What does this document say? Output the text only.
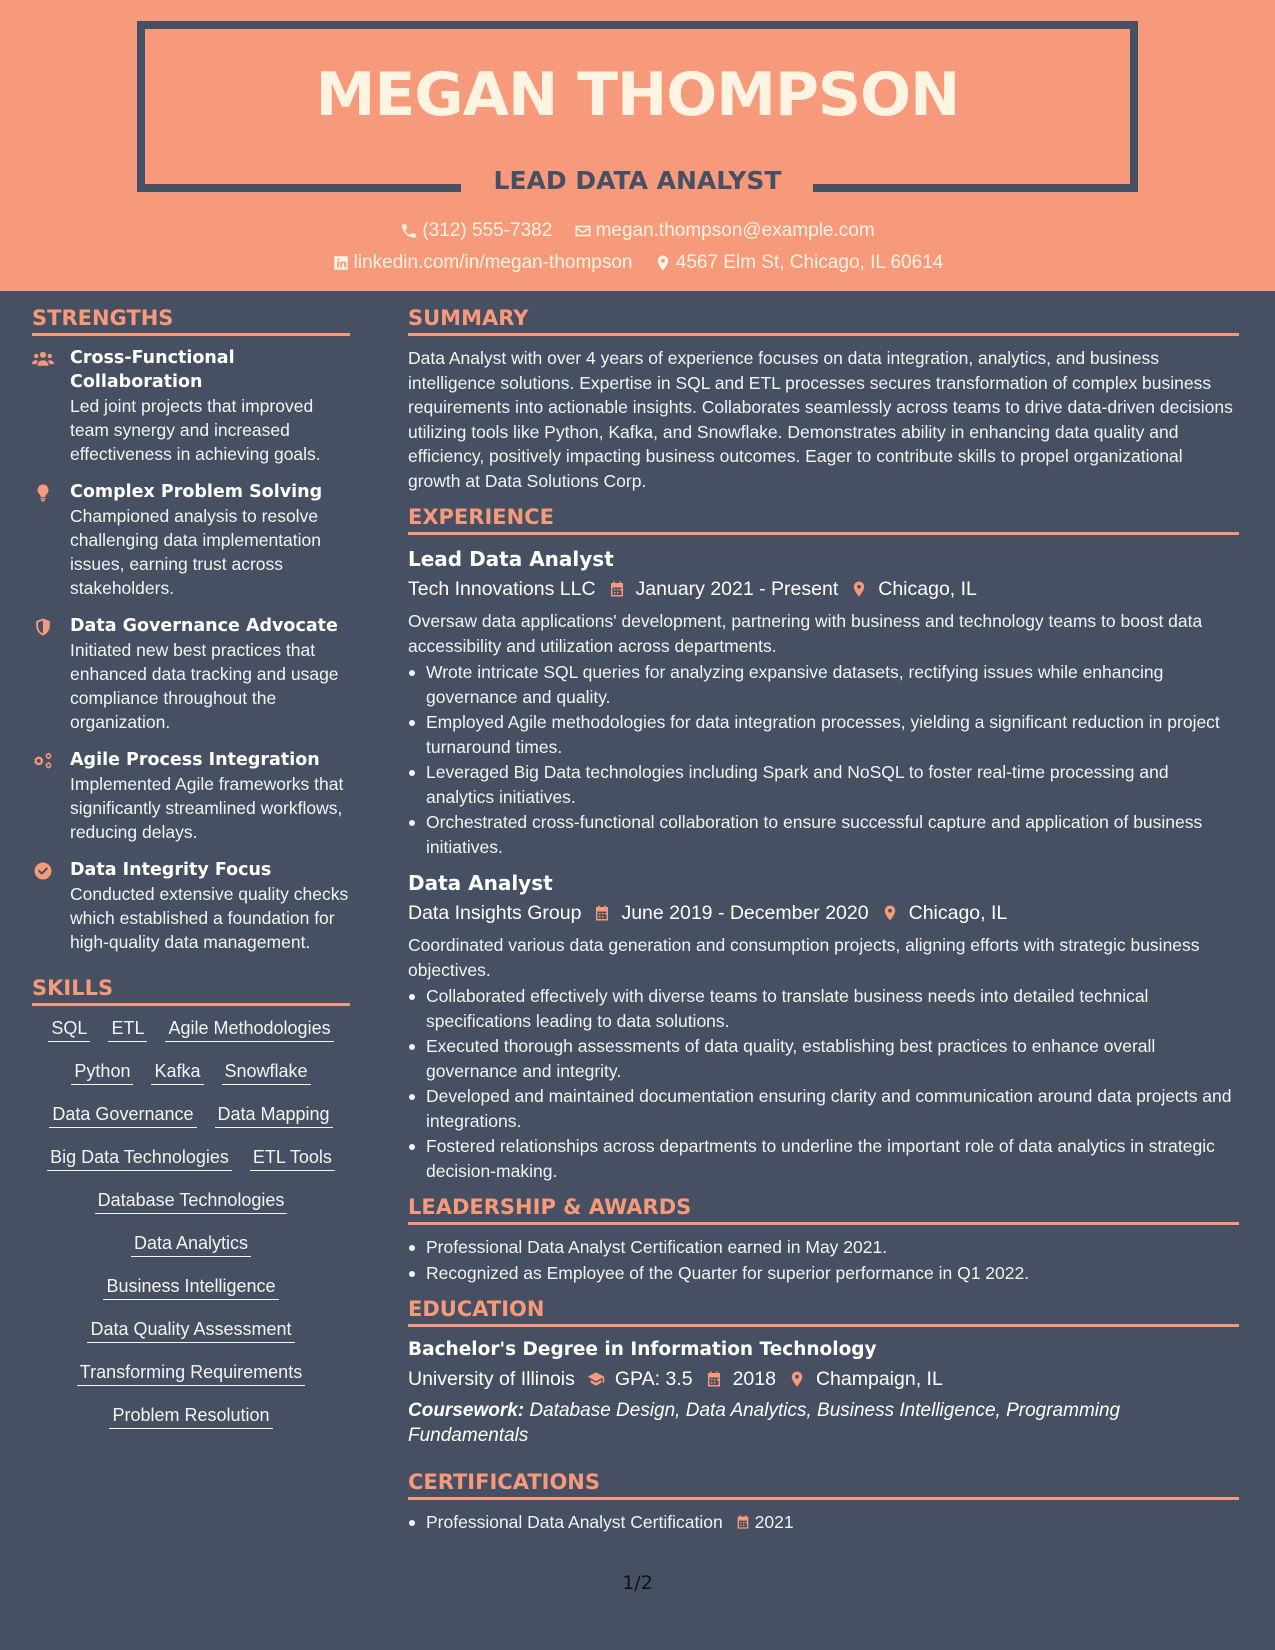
MEGAN THOMPSON
LEAD DATA ANALYST
(312) 555-7382
megan.thompson@example.com
linkedin.com/in/megan-thompson
4567 Elm St, Chicago, IL 60614
STRENGTHS
Cross-Functional Collaboration
Led joint projects that improved team synergy and increased effectiveness in achieving goals.
Complex Problem Solving
Championed analysis to resolve challenging data implementation issues, earning trust across stakeholders.
Data Governance Advocate
Initiated new best practices that enhanced data tracking and usage compliance throughout the organization.
Agile Process Integration
Implemented Agile frameworks that significantly streamlined workflows, reducing delays.
Data Integrity Focus
Conducted extensive quality checks which established a foundation for high-quality data management.
SKILLS
SQL ETL Agile Methodologies
Python Kafka Snowflake
Data Governance Data Mapping
Big Data Technologies ETL Tools
Database Technologies
Data Analytics
Business Intelligence
Data Quality Assessment
Transforming Requirements
Problem Resolution
SUMMARY
Data Analyst with over 4 years of experience focuses on data integration, analytics, and business intelligence solutions. Expertise in SQL and ETL processes secures transformation of complex business requirements into actionable insights. Collaborates seamlessly across teams to drive data-driven decisions utilizing tools like Python, Kafka, and Snowflake. Demonstrates ability in enhancing data quality and efficiency, positively impacting business outcomes. Eager to contribute skills to propel organizational growth at Data Solutions Corp.
EXPERIENCE
Lead Data Analyst
Tech Innovations LLC January 2021 - Present Chicago, IL
Oversaw data applications' development, partnering with business and technology teams to boost data accessibility and utilization across departments.
Wrote intricate SQL queries for analyzing expansive datasets, rectifying issues while enhancing governance and quality.
Employed Agile methodologies for data integration processes, yielding a significant reduction in project turnaround times.
Leveraged Big Data technologies including Spark and NoSQL to foster real-time processing and analytics initiatives.
Orchestrated cross-functional collaboration to ensure successful capture and application of business initiatives.
Data Analyst
Data Insights Group June 2019 - December 2020 Chicago, IL
Coordinated various data generation and consumption projects, aligning efforts with strategic business objectives.
Collaborated effectively with diverse teams to translate business needs into detailed technical specifications leading to data solutions.
Executed thorough assessments of data quality, establishing best practices to enhance overall governance and integrity.
Developed and maintained documentation ensuring clarity and communication around data projects and integrations.
Fostered relationships across departments to underline the important role of data analytics in strategic decision-making.
LEADERSHIP & AWARDS
Professional Data Analyst Certification earned in May 2021.
Recognized as Employee of the Quarter for superior performance in Q1 2022.
EDUCATION
Bachelor's Degree in Information Technology
University of Illinois GPA: 3.5 2018 Champaign, IL
Coursework: Database Design, Data Analytics, Business Intelligence, Programming Fundamentals
CERTIFICATIONS
Professional Data Analyst Certification 2021
1/2
